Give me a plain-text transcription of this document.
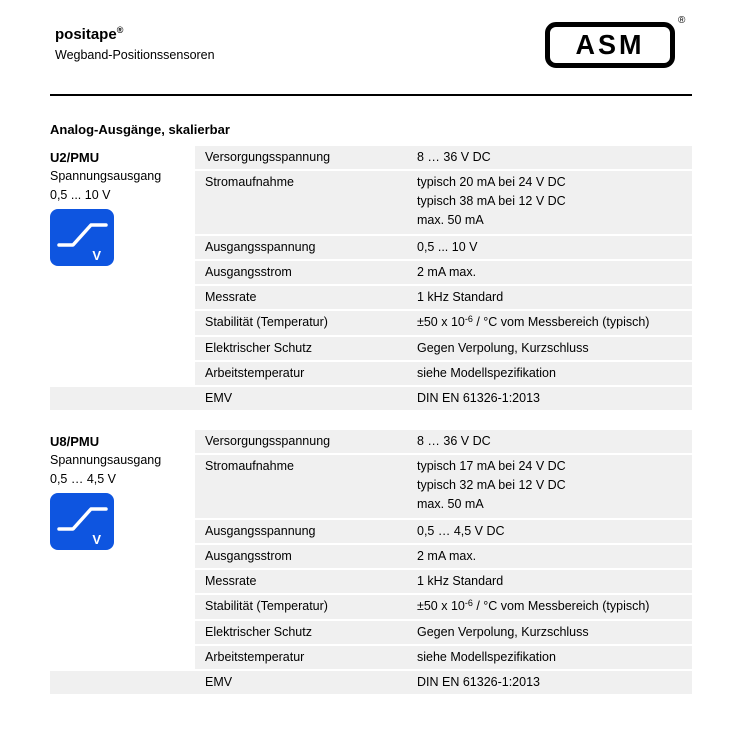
positape®
Wegband-Positionssensoren	ASM
®
Analog-Ausgänge, skalierbar
U2/PMU
Spannungsausgang
0,5 ... 10 V
V
Versorgungsspannung	8 … 36 V DC
Stromaufnahme	typisch 20 mA bei 24 V DC
typisch 38 mA bei 12 V DC
max. 50 mA
Ausgangsspannung	0,5 ... 10 V
Ausgangsstrom	2 mA max.
Messrate	1 kHz Standard
Stabilität (Temperatur)	±50 x $10^{-6} / ^\circ C$ vom Messbereich (typisch)
Elektrischer Schutz	Gegen Verpolung, Kurzschluss
Arbeitstemperatur	siehe Modellspezifikation
EMV	DIN EN 61326-1:2013
U8/PMU
Spannungsausgang
0,5 … 4,5 V
V
Versorgungsspannung	8 … 36 V DC
Stromaufnahme	typisch 17 mA bei 24 V DC
typisch 32 mA bei 12 V DC
max. 50 mA
Ausgangsspannung	0,5 … 4,5 V DC
Ausgangsstrom	2 mA max.
Messrate	1 kHz Standard
Stabilität (Temperatur)	±50 x $10^{-6} / ^\circ C$ vom Messbereich (typisch)
Elektrischer Schutz	Gegen Verpolung, Kurzschluss
Arbeitstemperatur	siehe Modellspezifikation
EMV	DIN EN 61326-1:2013
